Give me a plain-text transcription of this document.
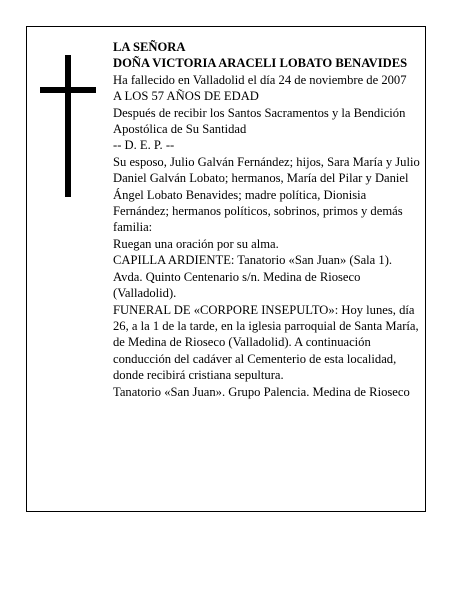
LA SEÑORA

DOÑA VICTORIA ARACELI LOBATO BENAVIDES

Ha fallecido en Valladolid el día 24 de noviembre de 2007

A LOS 57 AÑOS DE EDAD

Después de recibir los Santos Sacramentos y la Bendición Apostólica de Su Santidad

-- D. E. P. --

Su esposo, Julio Galván Fernández; hijos, Sara María y Julio Daniel Galván Lobato; hermanos, María del Pilar y Daniel Ángel Lobato Benavides; madre política, Dionisia Fernández; hermanos políticos, sobrinos, primos y demás familia:

Ruegan una oración por su alma.

CAPILLA ARDIENTE: Tanatorio «San Juan» (Sala 1). Avda. Quinto Centenario s/n. Medina de Rioseco (Valladolid).

FUNERAL DE «CORPORE INSEPULTO»: Hoy lunes, día 26, a la 1 de la tarde, en la iglesia parroquial de Santa María, de Medina de Rioseco (Valladolid). A continuación conducción del cadáver al Cementerio de esta localidad, donde recibirá cristiana sepultura.

Tanatorio «San Juan». Grupo Palencia. Medina de Rioseco
